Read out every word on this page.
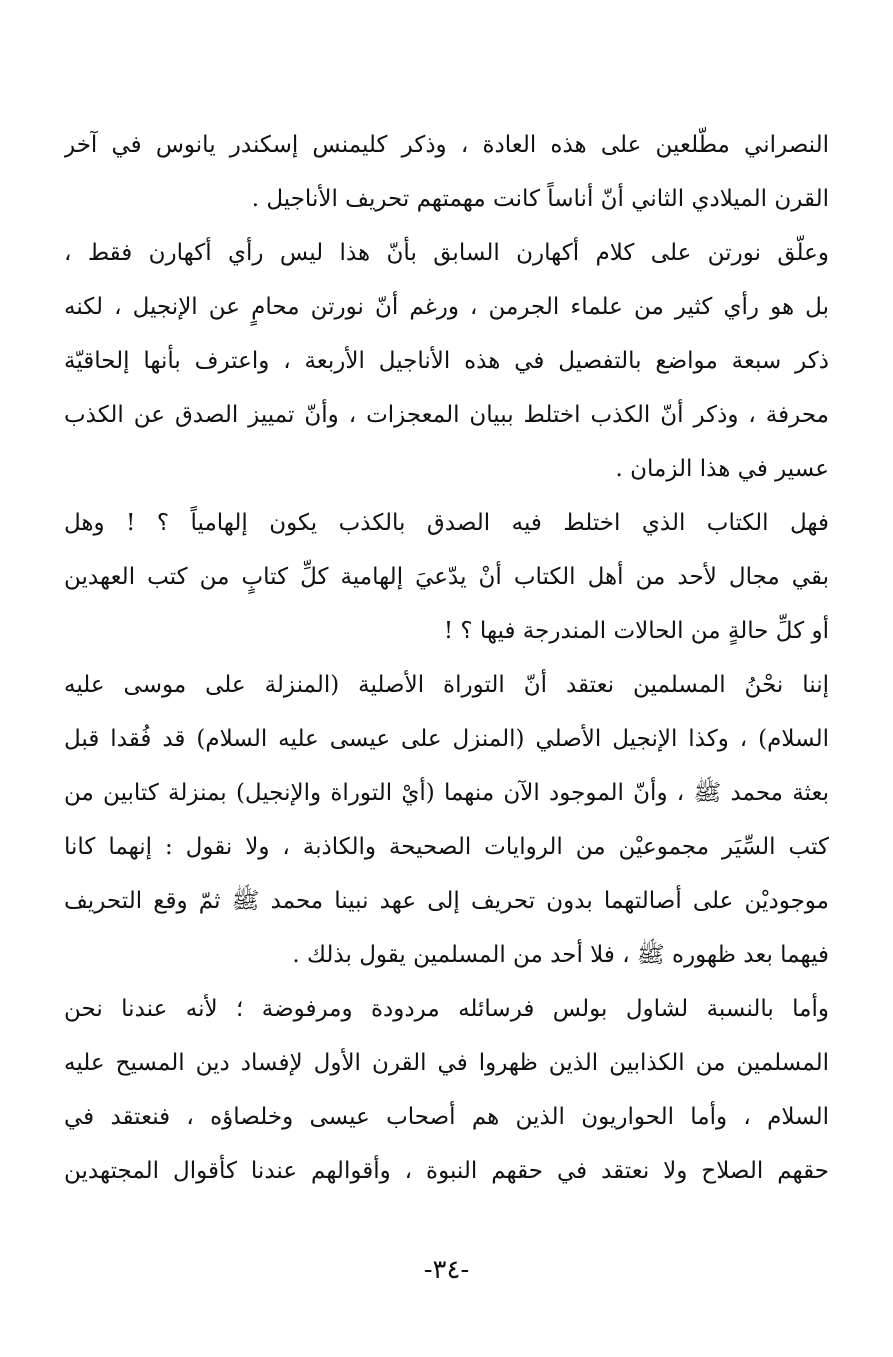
النصراني مطّلعين على هذه العادة ، وذكر كليمنس إسكندر يانوس في آخر
القرن الميلادي الثاني أنّ أناساً كانت مهمتهم تحريف الأناجيل .
وعلّق نورتن على كلام أكهارن السابق بأنّ هذا ليس رأي أكهارن فقط ،
بل هو رأي كثير من علماء الجرمن ، ورغم أنّ نورتن محامٍ عن الإنجيل ، لكنه
ذكر سبعة مواضع بالتفصيل في هذه الأناجيل الأربعة ، واعترف بأنها إلحاقيّة
محرفة ، وذكر أنّ الكذب اختلط ببيان المعجزات ، وأنّ تمييز الصدق عن الكذب
عسير في هذا الزمان .
فهل الكتاب الذي اختلط فيه الصدق بالكذب يكون إلهامياً ؟ ! وهل
بقي مجال لأحد من أهل الكتاب أنْ يدّعيَ إلهامية كلِّ كتابٍ من كتب العهدين
أو كلِّ حالةٍ من الحالات المندرجة فيها ؟ !
إننا نحْنُ المسلمين نعتقد أنّ التوراة الأصلية (المنزلة على موسى عليه
السلام) ، وكذا الإنجيل الأصلي (المنزل على عيسى عليه السلام) قد فُقدا قبل
بعثة محمد ﷺ ، وأنّ الموجود الآن منهما (أيْ التوراة والإنجيل) بمنزلة كتابين من
كتب السِّيَر مجموعيْن من الروايات الصحيحة والكاذبة ، ولا نقول : إنهما كانا
موجوديْن على أصالتهما بدون تحريف إلى عهد نبينا محمد ﷺ ثمّ وقع التحريف
فيهما بعد ظهوره ﷺ ، فلا أحد من المسلمين يقول بذلك .
وأما بالنسبة لشاول بولس فرسائله مردودة ومرفوضة ؛ لأنه عندنا نحن
المسلمين من الكذابين الذين ظهروا في القرن الأول لإفساد دين المسيح عليه
السلام ، وأما الحواريون الذين هم أصحاب عيسى وخلصاؤه ، فنعتقد في
حقهم الصلاح ولا نعتقد في حقهم النبوة ، وأقوالهم عندنا كأقوال المجتهدين
-٣٤-
